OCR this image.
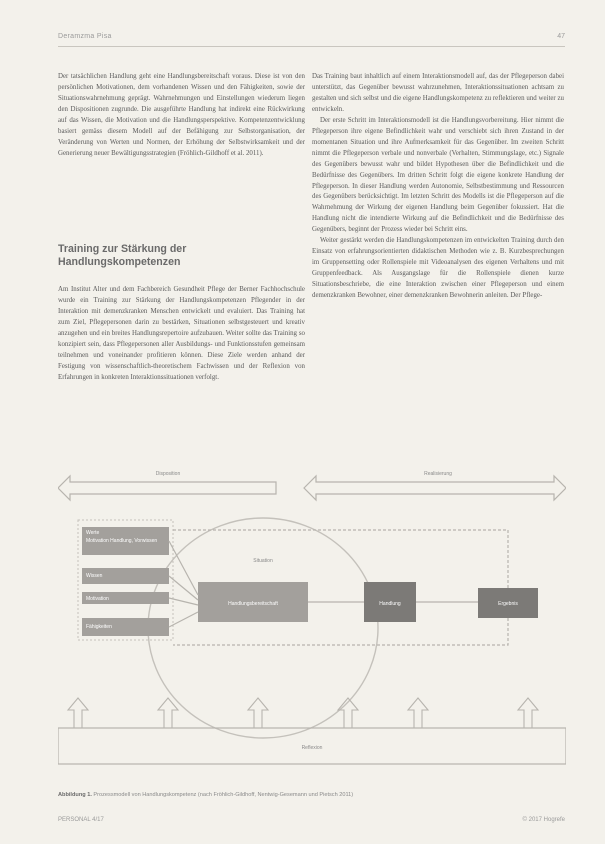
Deramzma Pisa	47

Der tatsächlichen Handlung geht eine Handlungsbereitschaft voraus. Diese ist von den persönlichen Motivationen, dem vorhandenen Wissen und den Fähigkeiten, sowie der Situationswahrnehmung geprägt. Wahrnehmungen und Einstellungen wiederum liegen den Dispositionen zugrunde. Die ausgeführte Handlung hat indirekt eine Rückwirkung auf das Wissen, die Motivation und die Handlungsperspektive. Kompetenzentwicklung basiert gemäss diesem Modell auf der Befähigung zur Selbstorganisation, der Veränderung von Werten und Normen, der Erhöhung der Selbstwirksamkeit und der Generierung neuer Bewältigungsstrategien (Fröhlich-Gildhoff et al. 2011).

Training zur Stärkung der Handlungskompetenzen

Am Institut Alter und dem Fachbereich Gesundheit Pflege der Berner Fachhochschule wurde ein Training zur Stärkung der Handlungskompetenzen Pflegender in der Interaktion mit demenzkranken Menschen entwickelt und evaluiert. Das Training hat zum Ziel, Pflegepersonen darin zu bestärken, Situationen selbstgesteuert und kreativ anzugehen und ein breites Handlungsrepertoire aufzubauen. Weiter sollte das Training so konzipiert sein, dass Pflegepersonen aller Ausbildungs- und Funktionsstufen gemeinsam teilnehmen und voneinander profitieren können. Diese Ziele werden anhand der Festigung von wissenschaftlich-theoretischem Fachwissen und der Reflexion von Erfahrungen in konkreten Interaktionssituationen verfolgt.

Das Training baut inhaltlich auf einem Interaktionsmodell auf, das der Pflegeperson dabei unterstützt, das Gegenüber bewusst wahrzunehmen, Interaktionssituationen achtsam zu gestalten und sich selbst und die eigene Handlungskompetenz zu reflektieren und weiter zu entwickeln.

Der erste Schritt im Interaktionsmodell ist die Handlungsvorbereitung. Hier nimmt die Pflegeperson ihre eigene Befindlichkeit wahr und verschiebt sich ihren Zustand in der momentanen Situation und ihre Aufmerksamkeit für das Gegenüber. Im zweiten Schritt nimmt die Pflegeperson verbale und nonverbale (Verhalten, Stimmungslage, etc.) Signale des Gegenübers bewusst wahr und bildet Hypothesen über die Befindlichkeit und die Bedürfnisse des Gegenübers. Im dritten Schritt folgt die eigene konkrete Handlung der Pflegeperson. In dieser Handlung werden Autonomie, Selbstbestimmung und Ressourcen des Gegenübers berücksichtigt. Im letzten Schritt des Modells ist die Pflegeperson auf die Wahrnehmung der Wirkung der eigenen Handlung beim Gegenüber fokussiert. Hat die Handlung nicht die intendierte Wirkung auf die Befindlichkeit und die Bedürfnisse des Gegenübers, beginnt der Prozess wieder bei Schritt eins.

Weiter gestärkt werden die Handlungskompetenzen im entwickelten Training durch den Einsatz von erfahrungsorientierten didaktischen Methoden wie z. B. Kurzbesprechungen im Gruppensetting oder Rollenspiele mit Videoanalysen des eigenen Verhaltens und mit Gruppenfeedback. Als Ausgangslage für die Rollenspiele dienen kurze Situationsbeschriebe, die eine Interaktion zwischen einer Pflegeperson und einem demenzkranken Bewohner, einer demenzkranken Bewohnerin anleiten. Der Pflege-

Disposition	Realisierung
Werte
Motivation Handlung, Vorwissen
Wissen
Motivation
Fähigkeiten
Handlungsbereitschaft	Handlung	Ergebnis
Situation
Reflexion
Abbildung 1. Prozessmodell von Handlungskompetenz (nach Fröhlich-Gildhoff, Nentwig-Gesemann und Pietsch 2011)
PERSONAL 4/17	© 2017 Hogrefe
